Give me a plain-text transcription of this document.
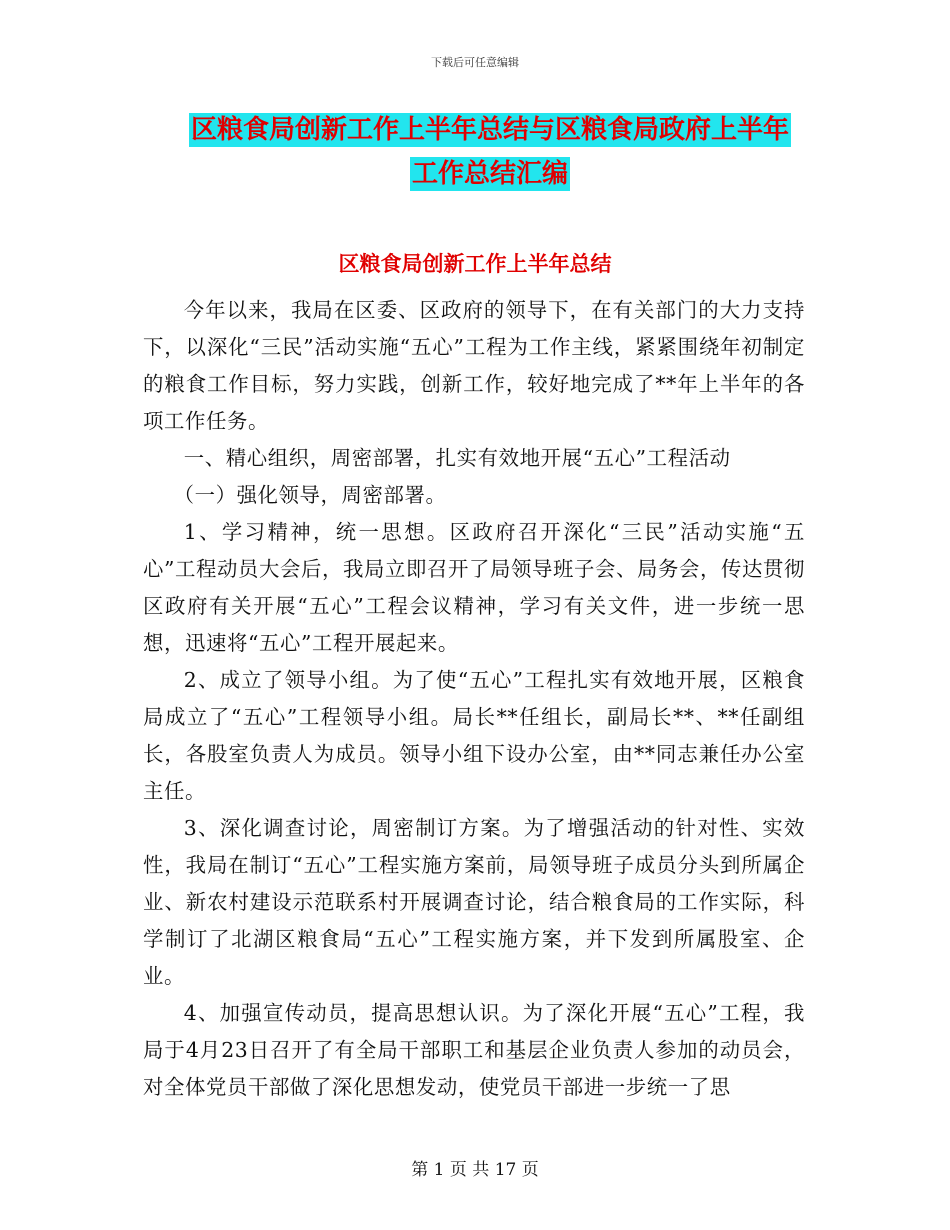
下载后可任意编辑
区粮食局创新工作上半年总结与区粮食局政府上半年
工作总结汇编
区粮食局创新工作上半年总结

今年以来，我局在区委、区政府的领导下，在有关部门的大力支持下，以深化“三民”活动实施“五心”工程为工作主线，紧紧围绕年初制定的粮食工作目标，努力实践，创新工作，较好地完成了**年上半年的各项工作任务。

一、精心组织，周密部署，扎实有效地开展“五心”工程活动

（一）强化领导，周密部署。

1、学习精神，统一思想。区政府召开深化“三民”活动实施“五心”工程动员大会后，我局立即召开了局领导班子会、局务会，传达贯彻区政府有关开展“五心”工程会议精神，学习有关文件，进一步统一思想，迅速将“五心”工程开展起来。

2、成立了领导小组。为了使“五心”工程扎实有效地开展，区粮食局成立了“五心”工程领导小组。局长**任组长，副局长**、**任副组长，各股室负责人为成员。领导小组下设办公室，由**同志兼任办公室主任。

3、深化调查讨论，周密制订方案。为了增强活动的针对性、实效性，我局在制订“五心”工程实施方案前，局领导班子成员分头到所属企业、新农村建设示范联系村开展调查讨论，结合粮食局的工作实际，科学制订了北湖区粮食局“五心”工程实施方案，并下发到所属股室、企业。

4、加强宣传动员，提高思想认识。为了深化开展“五心”工程，我局于4月23日召开了有全局干部职工和基层企业负责人参加的动员会，对全体党员干部做了深化思想发动，使党员干部进一步统一了思

第 1 页 共 17 页
